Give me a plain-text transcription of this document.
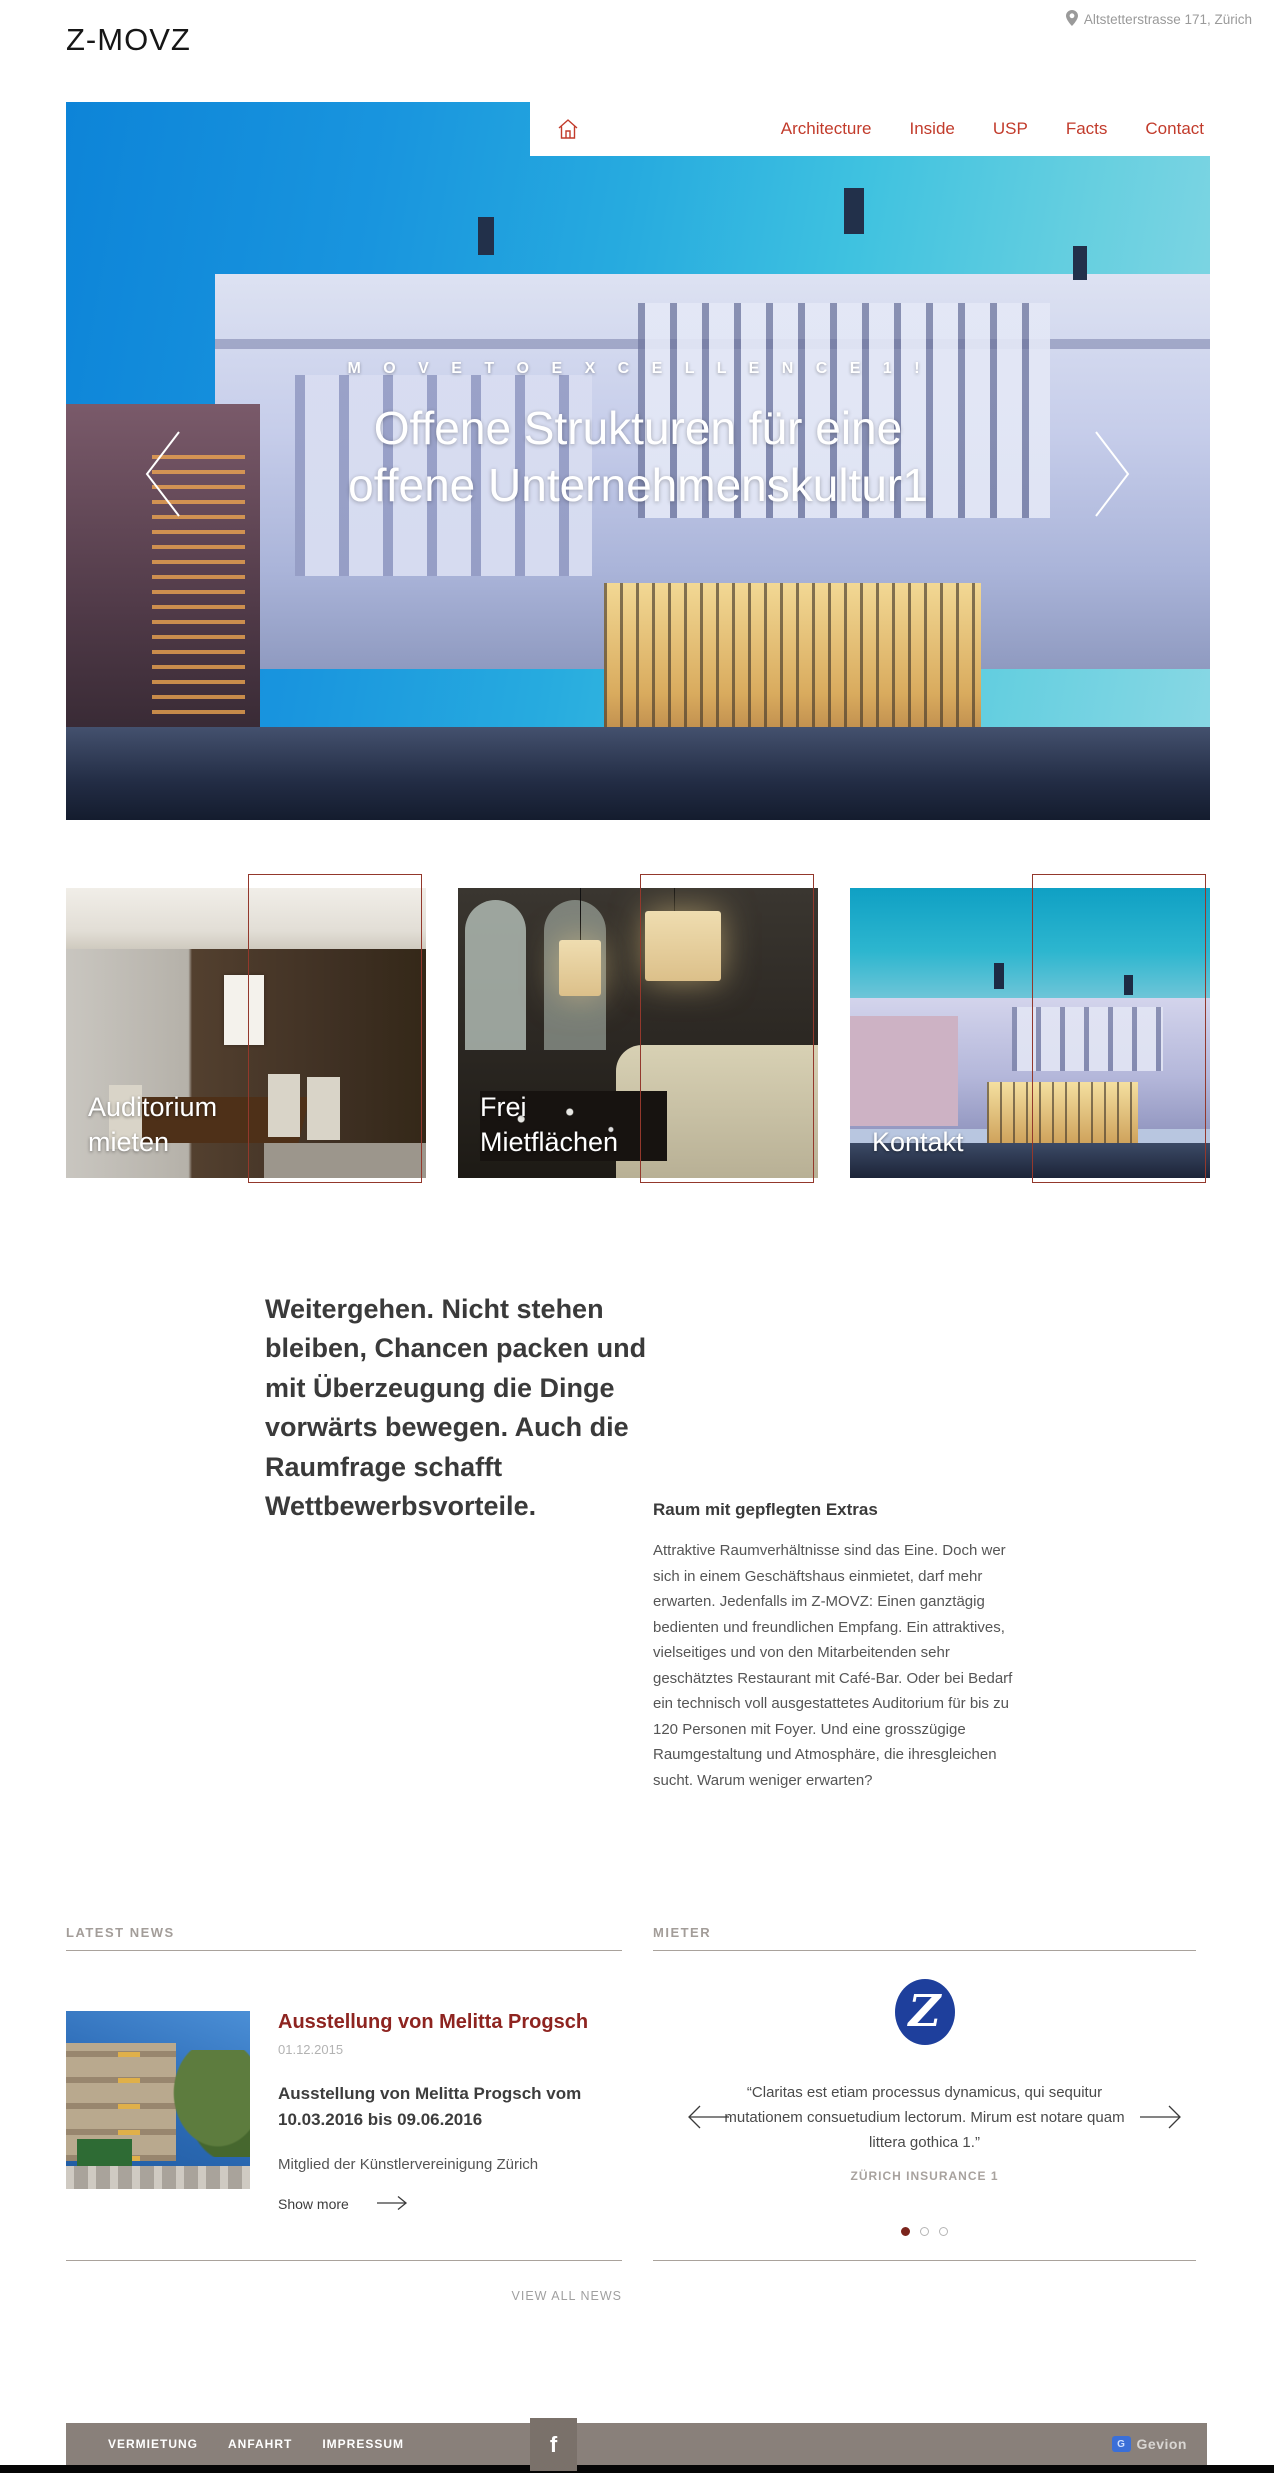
Z-MOVZ
Altstetterstrasse 171, Zürich
Architecture Inside USP Facts Contact
M O V E T O E X C E L L E N C E 1 !
Offene Strukturen für eine
offene Unternehmenskultur1
Auditorium
mieten
Frei
Mietflächen	Kontakt
Weitergehen. Nicht stehen bleiben, Chancen packen und mit Überzeugung die Dinge vorwärts bewegen. Auch die Raumfrage schafft Wettbewerbsvorteile.	Raum mit gepflegten Extras
Attraktive Raumverhältnisse sind das Eine. Doch wer sich in einem Geschäftshaus einmietet, darf mehr erwarten. Jedenfalls im Z-MOVZ: Einen ganztägig bedienten und freundlichen Empfang. Ein attraktives, vielseitiges und von den Mitarbeitenden sehr geschätztes Restaurant mit Café-Bar. Oder bei Bedarf ein technisch voll ausgestattetes Auditorium für bis zu 120 Personen mit Foyer. Und eine grosszügige Raumgestaltung und Atmosphäre, die ihresgleichen sucht. Warum weniger erwarten?
LATEST NEWS
Ausstellung von Melitta Progsch
01.12.2015
Ausstellung von Melitta Progsch vom 10.03.2016 bis 09.06.2016
Mitglied der Künstlervereinigung Zürich
Show more
VIEW ALL NEWS
MIETER
Z
“Claritas est etiam processus dynamicus, qui sequitur mutationem consuetudium lectorum. Mirum est notare quam littera gothica 1.”
ZÜRICH INSURANCE 1
VERMIETUNG	ANFAHRT	IMPRESSUM	f	G Gevion
